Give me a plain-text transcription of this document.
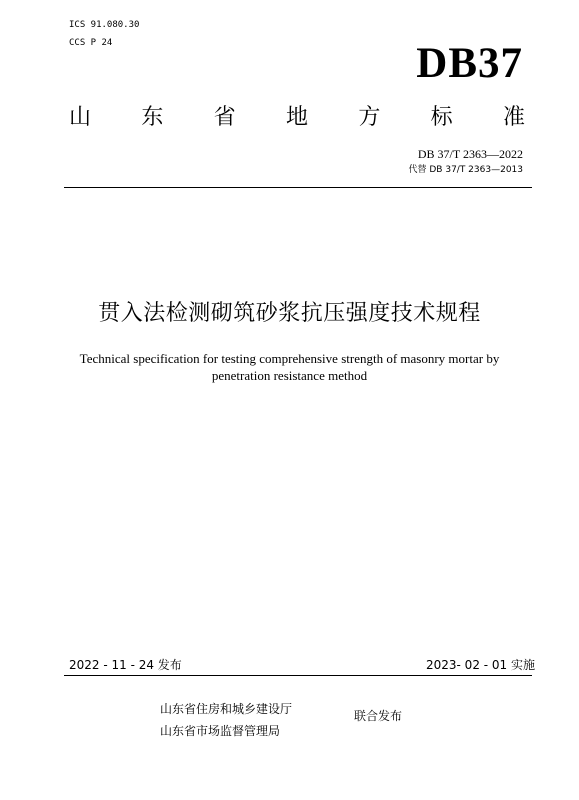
ICS 91.080.30
CCS P 24	DB37
山 东 省 地 方 标 准
DB 37/T 2363—2022
代替 DB 37/T 2363—2013
贯入法检测砌筑砂浆抗压强度技术规程
Technical specification for testing comprehensive strength of masonry mortar by penetration resistance method
2022 - 11 - 24 发布	2023- 02 - 01 实施
山东省住房和城乡建设厅
山东省市场监督管理局
联合发布
